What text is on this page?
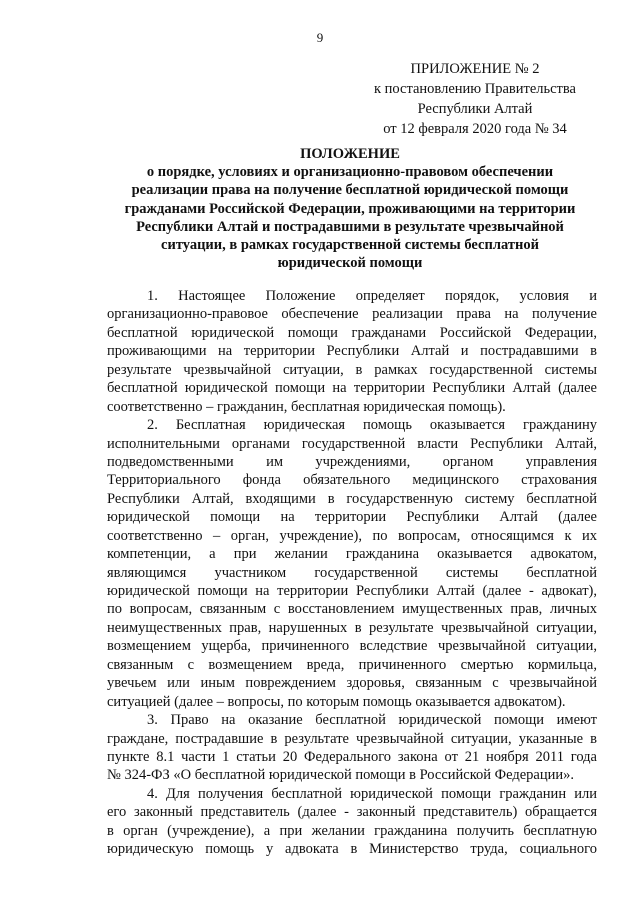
9
ПРИЛОЖЕНИЕ № 2
к постановлению Правительства
Республики Алтай
от 12 февраля 2020 года № 34
ПОЛОЖЕНИЕ
о порядке, условиях и организационно-правовом обеспечении
реализации права на получение бесплатной юридической помощи
гражданами Российской Федерации, проживающими на территории
Республики Алтай и пострадавшими в результате чрезвычайной
ситуации, в рамках государственной системы бесплатной
юридической помощи
1. Настоящее Положение определяет порядок, условия и
организационно-правовое обеспечение реализации права на получение
бесплатной юридической помощи гражданами Российской Федерации,
проживающими на территории Республики Алтай и пострадавшими в
результате чрезвычайной ситуации, в рамках государственной системы
бесплатной юридической помощи на территории Республики Алтай (далее
соответственно – гражданин, бесплатная юридическая помощь).
2. Бесплатная юридическая помощь оказывается гражданину
исполнительными органами государственной власти Республики Алтай,
подведомственными им учреждениями, органом управления
Территориального фонда обязательного медицинского страхования
Республики Алтай, входящими в государственную систему бесплатной
юридической помощи на территории Республики Алтай (далее
соответственно – орган, учреждение), по вопросам, относящимся к их
компетенции, а при желании гражданина оказывается адвокатом,
являющимся участником государственной системы бесплатной
юридической помощи на территории Республики Алтай (далее - адвокат),
по вопросам, связанным с восстановлением имущественных прав, личных
неимущественных прав, нарушенных в результате чрезвычайной ситуации,
возмещением ущерба, причиненного вследствие чрезвычайной ситуации,
связанным с возмещением вреда, причиненного смертью кормильца,
увечьем или иным повреждением здоровья, связанным с чрезвычайной
ситуацией (далее – вопросы, по которым помощь оказывается адвокатом).
3. Право на оказание бесплатной юридической помощи имеют
граждане, пострадавшие в результате чрезвычайной ситуации, указанные в
пункте 8.1 части 1 статьи 20 Федерального закона от 21 ноября 2011 года
№ 324-ФЗ «О бесплатной юридической помощи в Российской Федерации».
4. Для получения бесплатной юридической помощи гражданин или
его законный представитель (далее - законный представитель) обращается
в орган (учреждение), а при желании гражданина получить бесплатную
юридическую помощь у адвоката в Министерство труда, социального
